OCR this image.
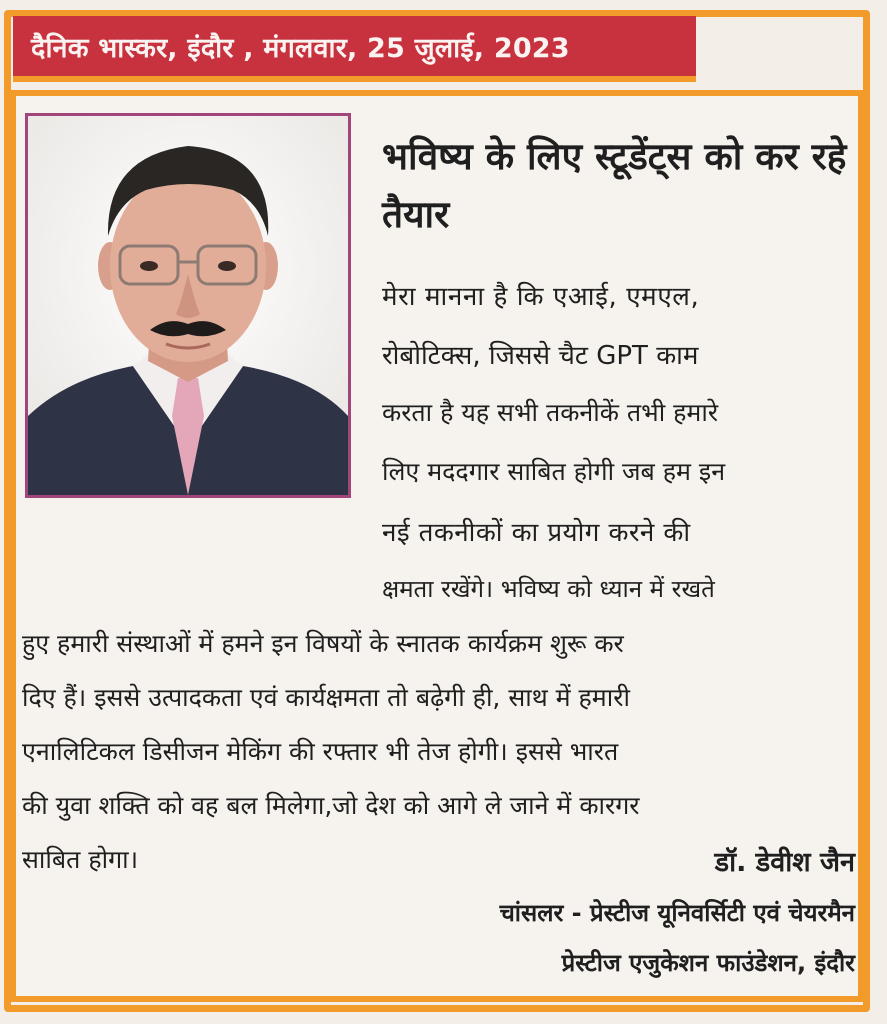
दैनिक भास्कर, इंदौर , मंगलवार, 25 जुलाई, 2023
भविष्य के लिए स्टूडेंट्स को कर रहे तैयार

मेरा मानना है कि एआई, एमएल,

रोबोटिक्स, जिससे चैट GPT काम

करता है यह सभी तकनीकें तभी हमारे

लिए मददगार साबित होगी जब हम इन

नई तकनीकों का प्रयोग करने की

क्षमता रखेंगे। भविष्य को ध्यान में रखते

हुए हमारी संस्थाओं में हमने इन विषयों के स्नातक कार्यक्रम शुरू कर

दिए हैं। इससे उत्पादकता एवं कार्यक्षमता तो बढ़ेगी ही, साथ में हमारी

एनालिटिकल डिसीजन मेकिंग की रफ्तार भी तेज होगी। इससे भारत

की युवा शक्ति को वह बल मिलेगा,जो देश को आगे ले जाने में कारगर

साबित होगा।	डॉ. डेवीश जैन
चांसलर - प्रेस्टीज यूनिवर्सिटी एवं चेयरमैन
प्रेस्टीज एजुकेशन फाउंडेशन, इंदौर
